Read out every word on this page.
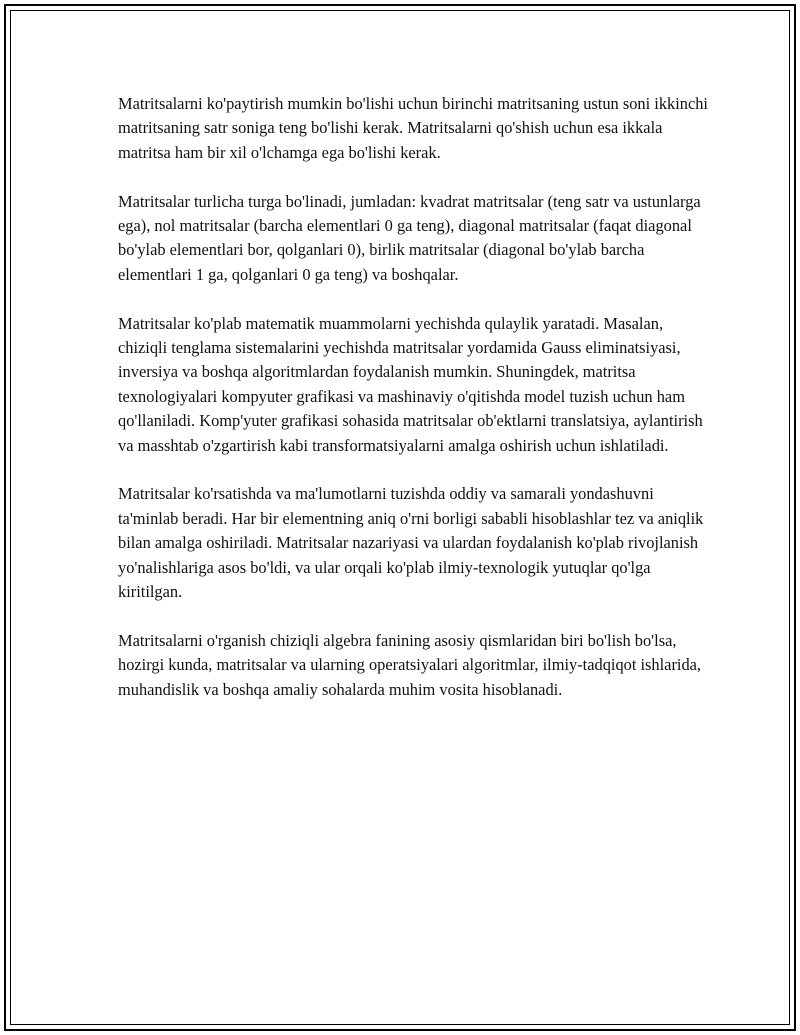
Matritsalarni ko'paytirish mumkin bo'lishi uchun birinchi matritsaning ustun soni ikkinchi matritsaning satr soniga teng bo'lishi kerak. Matritsalarni qo'shish uchun esa ikkala matritsa ham bir xil o'lchamga ega bo'lishi kerak.

Matritsalar turlicha turga bo'linadi, jumladan: kvadrat matritsalar (teng satr va ustunlarga ega), nol matritsalar (barcha elementlari 0 ga teng), diagonal matritsalar (faqat diagonal bo'ylab elementlari bor, qolganlari 0), birlik matritsalar (diagonal bo'ylab barcha elementlari 1 ga, qolganlari 0 ga teng) va boshqalar.

Matritsalar ko'plab matematik muammolarni yechishda qulaylik yaratadi. Masalan, chiziqli tenglama sistemalarini yechishda matritsalar yordamida Gauss eliminatsiyasi, inversiya va boshqa algoritmlardan foydalanish mumkin. Shuningdek, matritsa texnologiyalari kompyuter grafikasi va mashinaviy o'qitishda model tuzish uchun ham qo'llaniladi. Komp'yuter grafikasi sohasida matritsalar ob'ektlarni translatsiya, aylantirish va masshtab o'zgartirish kabi transformatsiyalarni amalga oshirish uchun ishlatiladi.

Matritsalar ko'rsatishda va ma'lumotlarni tuzishda oddiy va samarali yondashuvni ta'minlab beradi. Har bir elementning aniq o'rni borligi sababli hisoblashlar tez va aniqlik bilan amalga oshiriladi. Matritsalar nazariyasi va ulardan foydalanish ko'plab rivojlanish yo'nalishlariga asos bo'ldi, va ular orqali ko'plab ilmiy-texnologik yutuqlar qo'lga kiritilgan.

Matritsalarni o'rganish chiziqli algebra fanining asosiy qismlaridan biri bo'lish bo'lsa, hozirgi kunda, matritsalar va ularning operatsiyalari algoritmlar, ilmiy-tadqiqot ishlarida, muhandislik va boshqa amaliy sohalarda muhim vosita hisoblanadi.
